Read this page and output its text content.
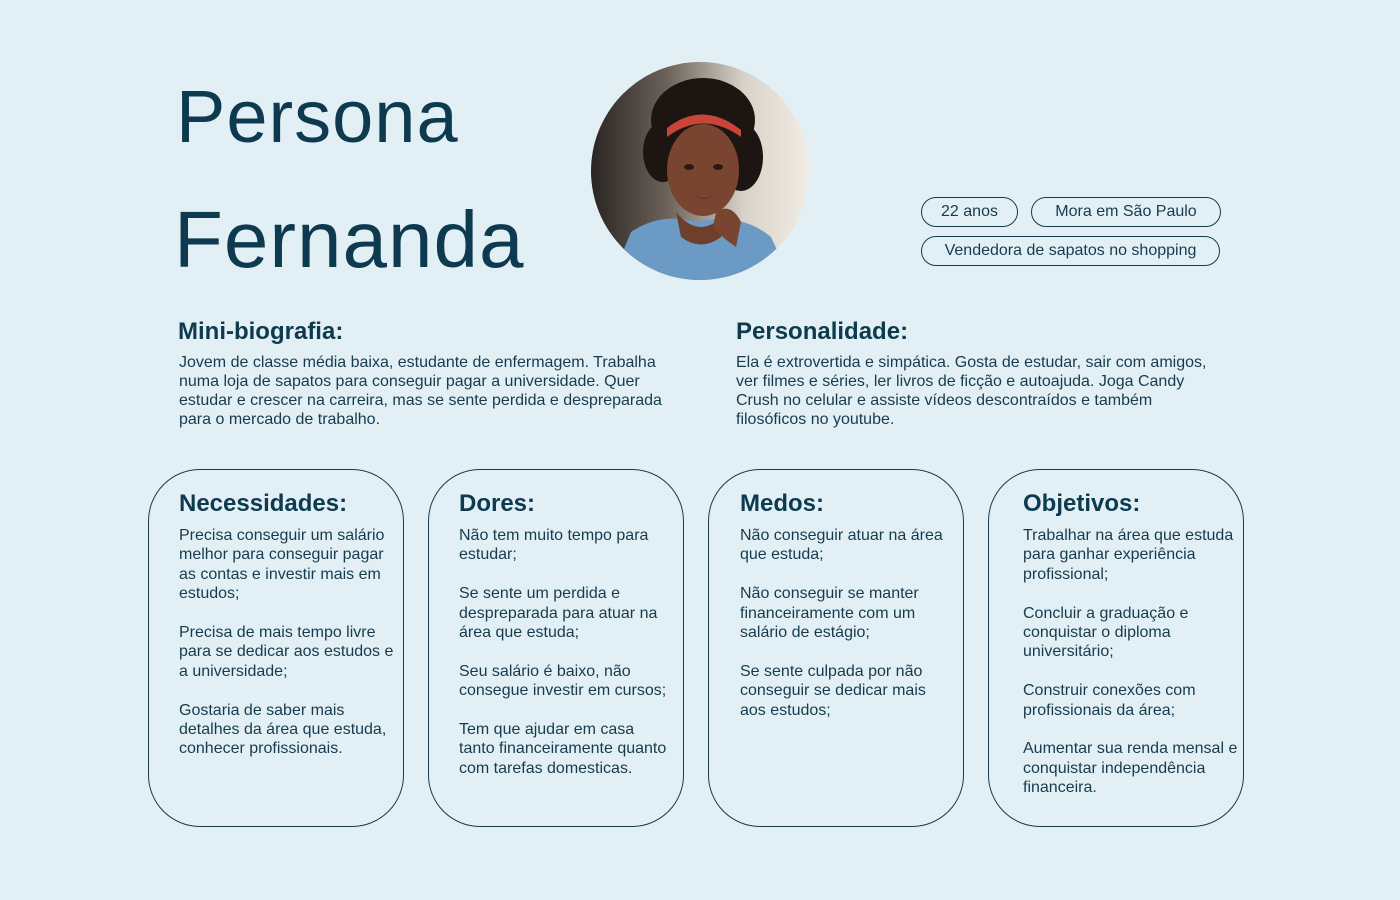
Persona
Fernanda	22 anos	Mora em São Paulo
Vendedora de sapatos no shopping
Mini-biografia:

Jovem de classe média baixa, estudante de enfermagem. Trabalha numa loja de sapatos para conseguir pagar a universidade. Quer estudar e crescer na carreira, mas se sente perdida e despreparada para o mercado de trabalho.

Personalidade:

Ela é extrovertida e simpática. Gosta de estudar, sair com amigos, ver filmes e séries, ler livros de ficção e autoajuda. Joga Candy Crush no celular e assiste vídeos descontraídos e também filosóficos no youtube.

Necessidades:
Precisa conseguir um salário melhor para conseguir pagar as contas e investir mais em estudos;
Precisa de mais tempo livre para se dedicar aos estudos e a universidade;
Gostaria de saber mais detalhes da área que estuda, conhecer profissionais.
Dores:
Não tem muito tempo para estudar;
Se sente um perdida e despreparada para atuar na área que estuda;
Seu salário é baixo, não consegue investir em cursos;
Tem que ajudar em casa tanto financeiramente quanto com tarefas domesticas.
Medos:
Não conseguir atuar na área que estuda;
Não conseguir se manter financeiramente com um salário de estágio;
Se sente culpada por não conseguir se dedicar mais aos estudos;
Objetivos:
Trabalhar na área que estuda para ganhar experiência profissional;
Concluir a graduação e conquistar o diploma universitário;
Construir conexões com profissionais da área;
Aumentar sua renda mensal e conquistar independência financeira.
